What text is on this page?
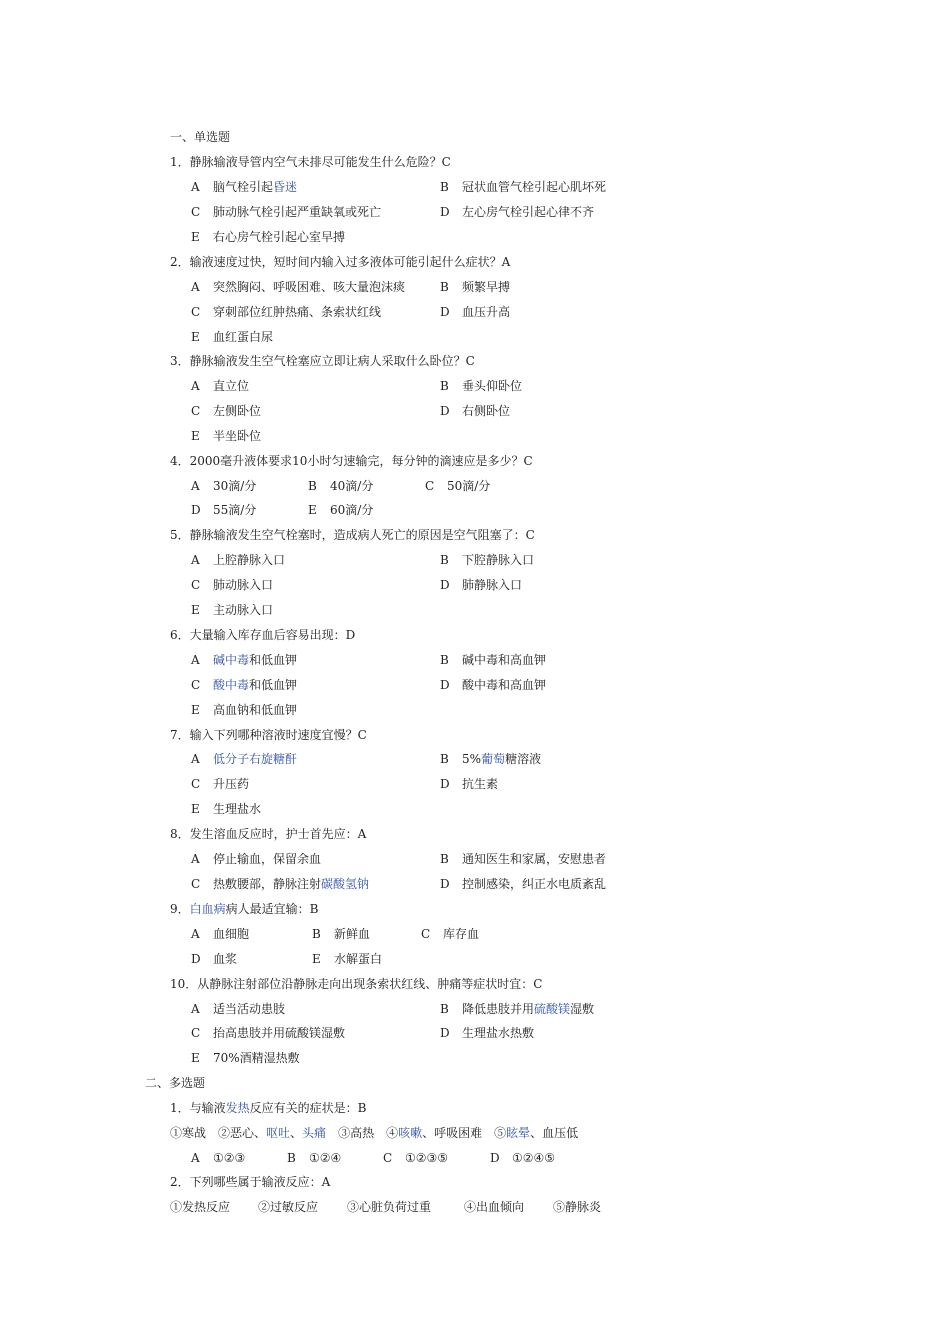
一、单选题
1．静脉输液导管内空气未排尽可能发生什么危险？C
A 脑气栓引起昏迷	B 冠状血管气栓引起心肌坏死
C 肺动脉气栓引起严重缺氧或死亡	D 左心房气栓引起心律不齐
E 右心房气栓引起心室早搏
2．输液速度过快，短时间内输入过多液体可能引起什么症状？A
A 突然胸闷、呼吸困难、咳大量泡沫痰	B 频繁早搏
C 穿刺部位红肿热痛、条索状红线	D 血压升高
E 血红蛋白尿
3．静脉输液发生空气栓塞应立即让病人采取什么卧位？C
A 直立位	B 垂头仰卧位
C 左侧卧位	D 右侧卧位
E 半坐卧位
4．2000毫升液体要求10小时匀速输完，每分钟的滴速应是多少？C
A 30滴/分	B 40滴/分	C 50滴/分
D 55滴/分	E 60滴/分
5．静脉输液发生空气栓塞时，造成病人死亡的原因是空气阻塞了：C
A 上腔静脉入口	B 下腔静脉入口
C 肺动脉入口	D 肺静脉入口
E 主动脉入口
6．大量输入库存血后容易出现：D
A 碱中毒和低血钾	B 碱中毒和高血钾
C 酸中毒和低血钾	D 酸中毒和高血钾
E 高血钠和低血钾
7．输入下列哪种溶液时速度宜慢？C
A 低分子右旋糖酐	B 5%葡萄糖溶液
C 升压药	D 抗生素
E 生理盐水
8．发生溶血反应时，护士首先应：A
A 停止输血，保留余血	B 通知医生和家属，安慰患者
C 热敷腰部，静脉注射碳酸氢钠	D 控制感染，纠正水电质紊乱
9．白血病病人最适宜输：B
A 血细胞	B 新鲜血	C 库存血
D 血浆	E 水解蛋白
10．从静脉注射部位沿静脉走向出现条索状红线、肿痛等症状时宜：C
A 适当活动患肢	B 降低患肢并用硫酸镁湿敷
C 抬高患肢并用硫酸镁湿敷	D 生理盐水热敷
E 70%酒精湿热敷
二、多选题
1．与输液发热反应有关的症状是：B
①寒战　②恶心、呕吐、头痛　③高热　④咳嗽、呼吸困难　⑤眩晕、血压低
A ①②③	B ①②④	C ①②③⑤	D ①②④⑤
2．下列哪些属于输液反应：A
①发热反应 ②过敏反应 ③心脏负荷过重	④出血倾向 ⑤静脉炎
